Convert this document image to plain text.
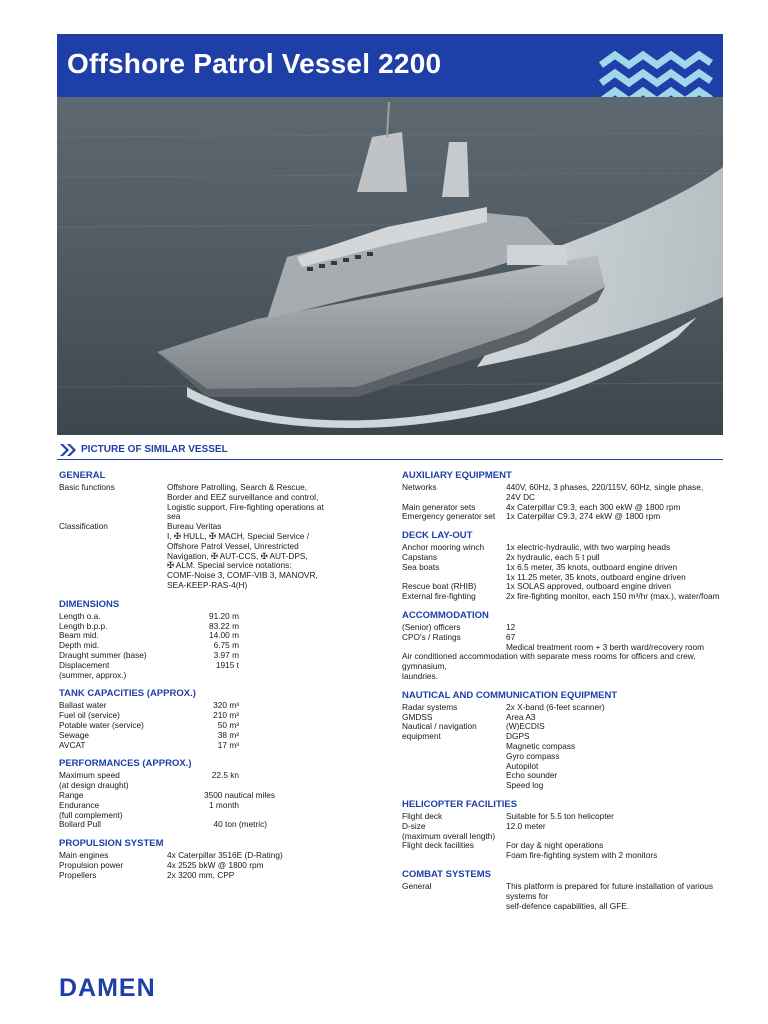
Offshore Patrol Vessel 2200
PICTURE OF SIMILAR VESSEL
GENERAL
Basic functions	Offshore Patrolling, Search & Rescue,
Border and EEZ surveillance and control,
Logistic support, Fire-fighting operations at
sea
Classification	Bureau Veritas
I, ✠ HULL, ✠ MACH, Special Service /
Offshore Patrol Vessel, Unrestricted
Navigation, ✠ AUT-CCS, ✠ AUT-DPS,
✠ ALM. Special service notations:
COMF-Noise 3, COMF-VIB 3, MANOVR,
SEA-KEEP-RAS-4(H)
DIMENSIONS
Length o.a.	91.20 m
Length b.p.p.	83.22 m
Beam mid.	14.00 m
Depth mid.	6.75 m
Draught summer (base)	3.97 m
Displacement	1915 t
(summer, approx.)
TANK CAPACITIES (APPROX.)
Ballast water	320 m³
Fuel oil (service)	210 m³
Potable water (service)	50 m³
Sewage	38 m³
AVCAT	17 m³
PERFORMANCES (APPROX.)
Maximum speed	22.5 kn
(at design draught)
Range	3500 nautical miles
Endurance	1 month
(full complement)
Bollard Pull	40 ton (metric)
PROPULSION SYSTEM
Main engines	4x Caterpillar 3516E (D-Rating)
Propulsion power	4x 2525 bkW @ 1800 rpm
Propellers	2x 3200 mm, CPP
AUXILIARY EQUIPMENT
Networks	440V, 60Hz, 3 phases, 220/115V, 60Hz, single phase,
24V DC
Main generator sets	4x Caterpillar C9.3, each 300 ekW @ 1800 rpm
Emergency generator set	1x Caterpillar C9.3, 274 ekW @ 1800 rpm
DECK LAY-OUT
Anchor mooring winch	1x electric-hydraulic, with two warping heads
Capstans	2x hydraulic, each 5 t pull
Sea boats	1x 6.5 meter, 35 knots, outboard engine driven
1x 11.25 meter, 35 knots, outboard engine driven
Rescue boat (RHIB)	1x SOLAS approved, outboard engine driven
External fire-fighting	2x fire-fighting monitor, each 150 m³/hr (max.), water/foam
ACCOMMODATION
(Senior) officers	12
CPO's / Ratings	67
Medical treatment room + 3 berth ward/recovery room
Air conditioned accommodation with separate mess rooms for officers and crew, gymnasium,
laundries.
NAUTICAL AND COMMUNICATION EQUIPMENT
Radar systems	2x X-band (6-feet scanner)
GMDSS	Area A3
Nautical / navigation	(W)ECDIS
equipment	DGPS
Magnetic compass
Gyro compass
Autopilot
Echo sounder
Speed log
HELICOPTER FACILITIES
Flight deck	Suitable for 5.5 ton helicopter
D-size	12.0 meter
(maximum overall length)
Flight deck facilities	For day & night operations
Foam fire-fighting system with 2 monitors
COMBAT SYSTEMS
General	This platform is prepared for future installation of various systems for
self-defence capabilities, all GFE.
DAMEN
